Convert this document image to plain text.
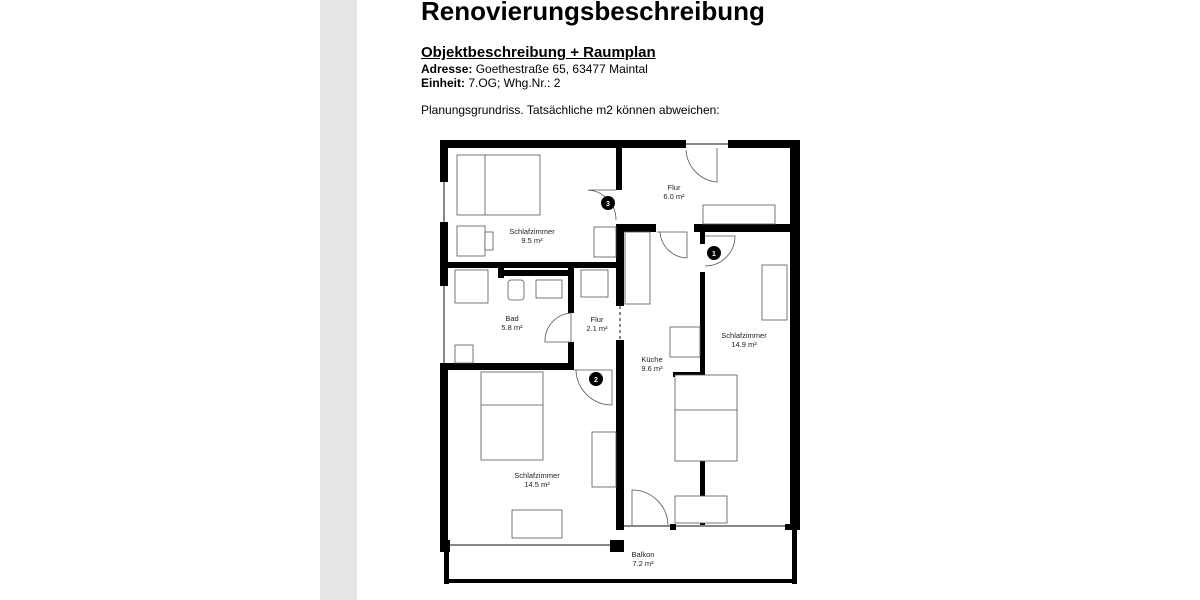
Renovierungsbeschreibung
Objektbeschreibung + Raumplan
Adresse: Goethestraße 65, 63477 Maintal
Einheit: 7.OG; Whg.Nr.: 2
Planungsgrundriss. Tatsächliche m2 können abweichen:
Schlafzimmer
9.5 m²
Flur
6.0 m²
Bad
5.8 m²
Flur
2.1 m²
Küche
9.6 m²
Schlafzimmer
14.9 m²
Schlafzimmer
14.5 m²
Balkon
7.2 m²
1
2
3
